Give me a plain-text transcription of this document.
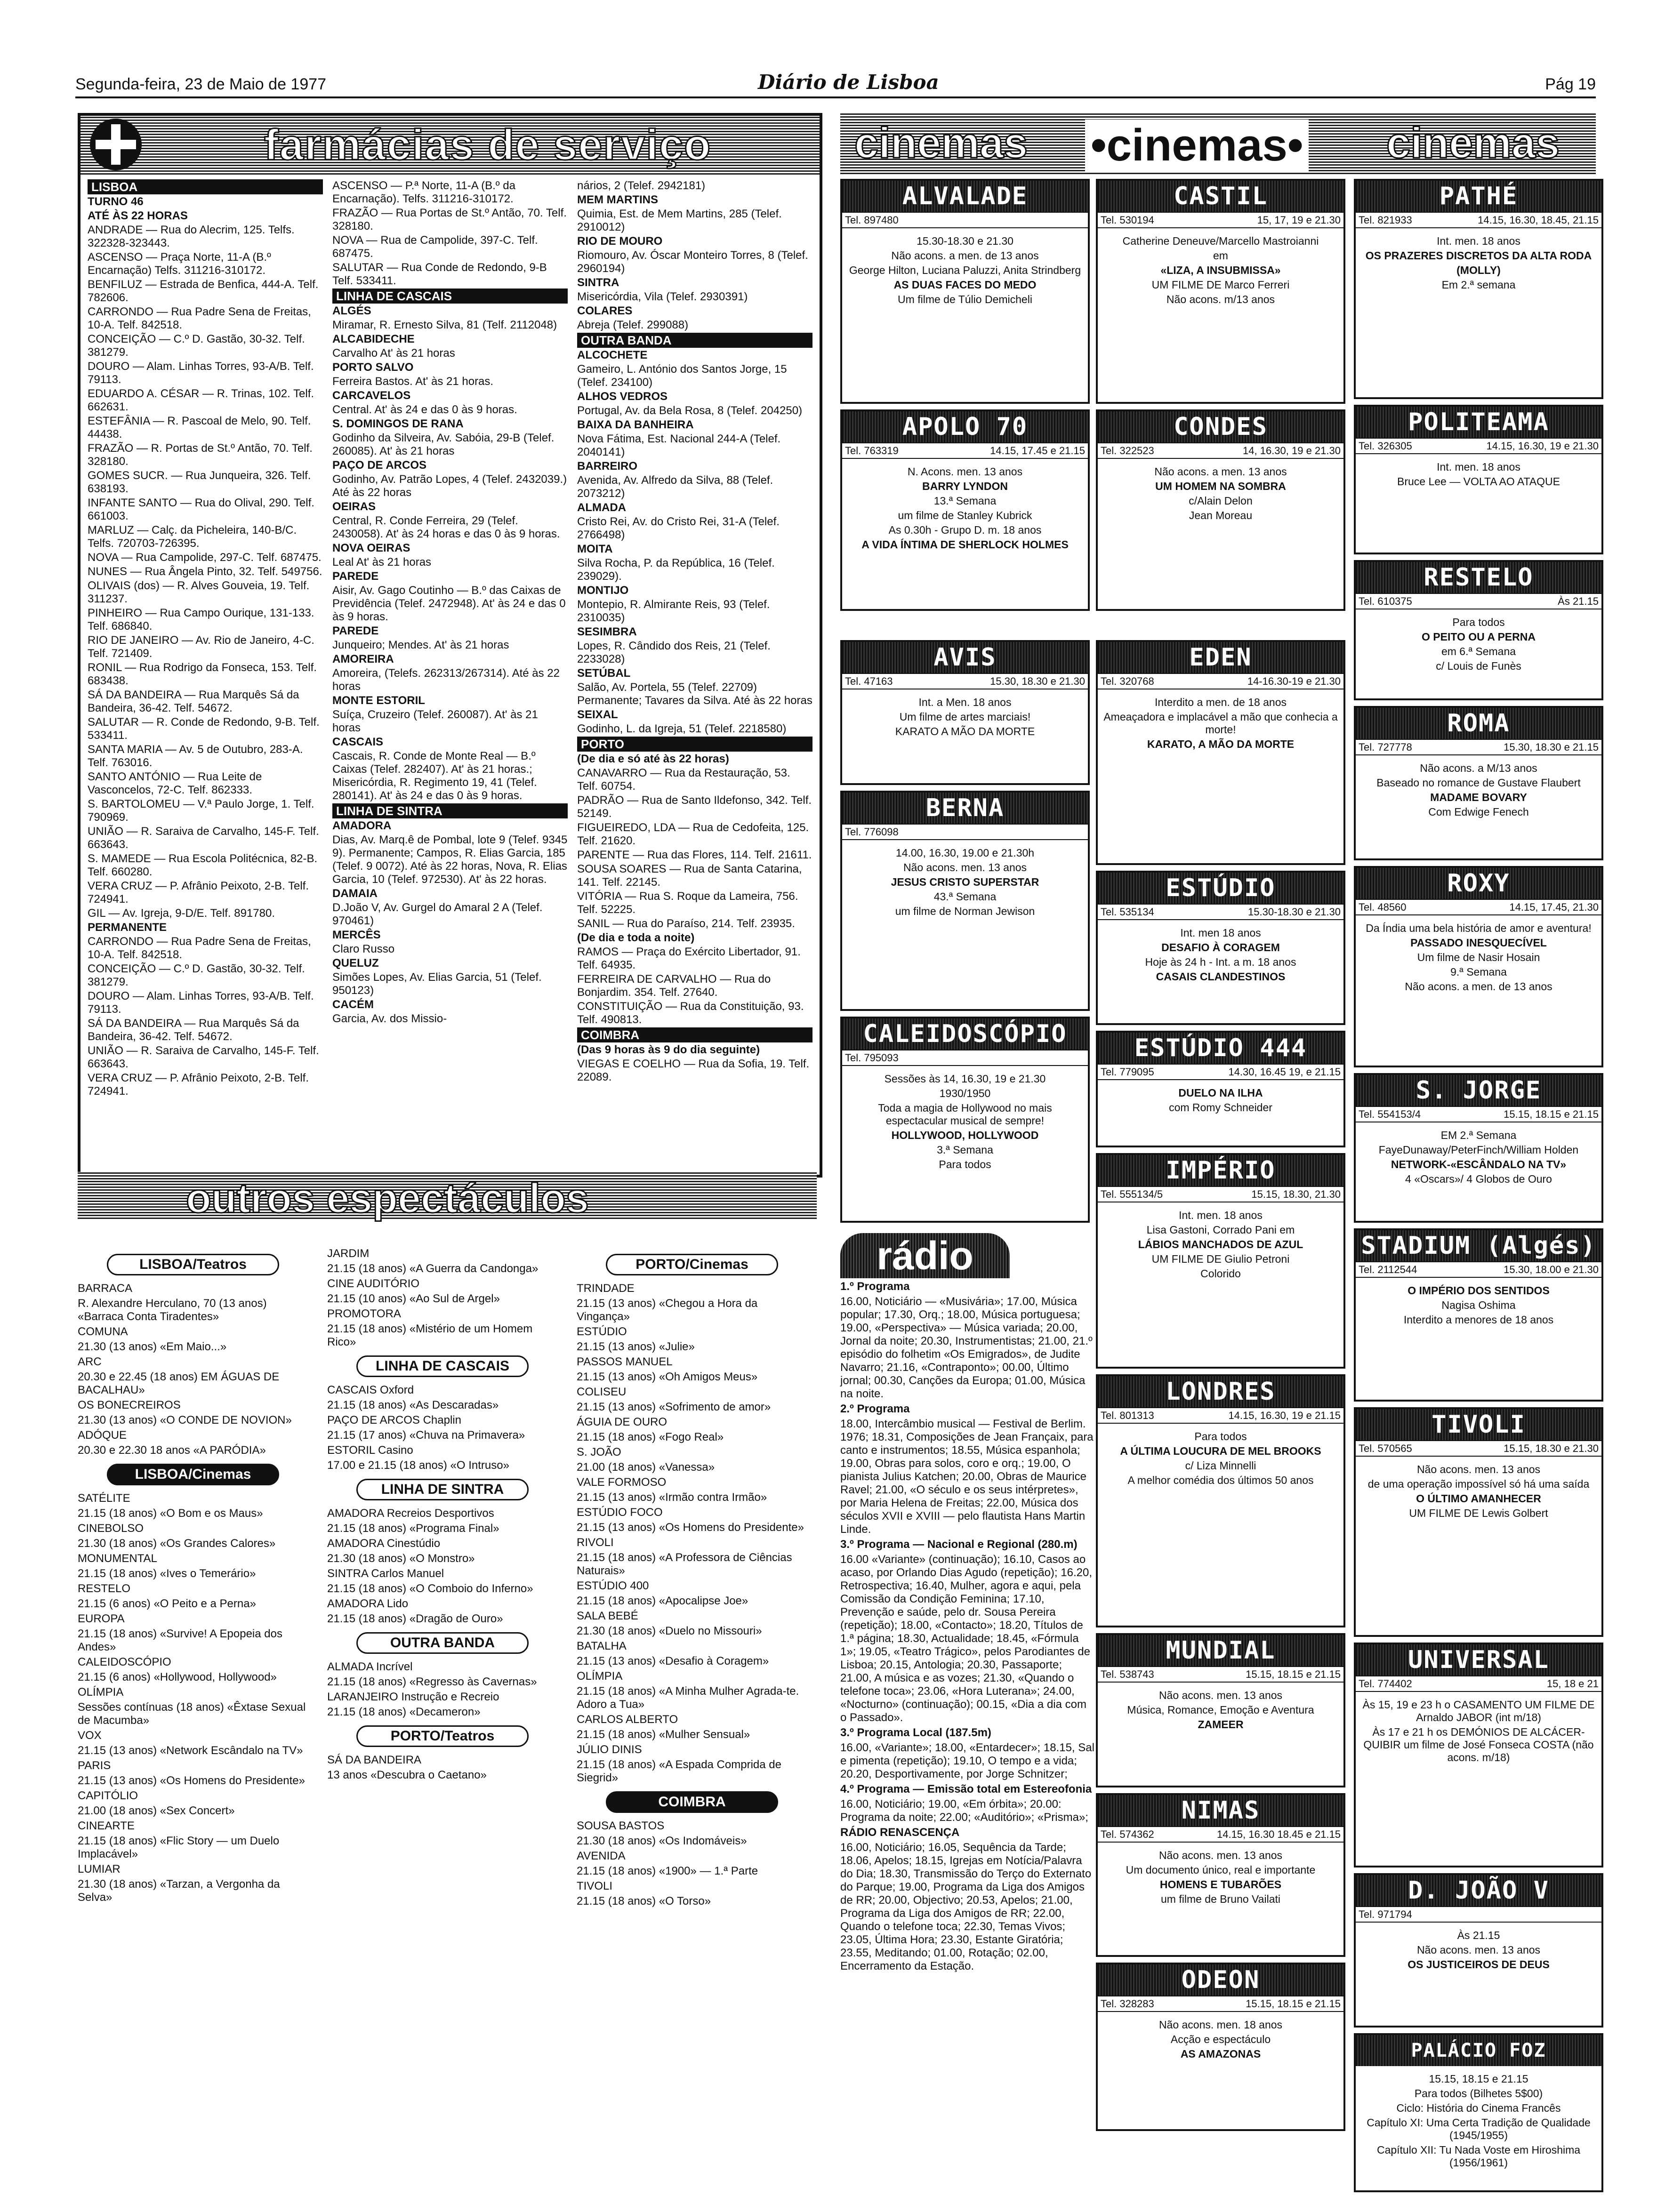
Segunda-feira, 23 de Maio de 1977	Diário de Lisboa	Pág 19
farmácias de serviço

LISBOA

TURNO 46

ATÉ ÀS 22 HORAS

ANDRADE — Rua do Alecrim, 125. Telfs. 322328-323443.

ASCENSO — Praça Norte, 11-A (B.º Encarnação) Telfs. 311216-310172.

BENFILUZ — Estrada de Benfica, 444-A. Telf. 782606.

CARRONDO — Rua Padre Sena de Freitas, 10-A. Telf. 842518.

CONCEIÇÃO — C.º D. Gastão, 30-32. Telf. 381279.

DOURO — Alam. Linhas Torres, 93-A/B. Telf. 79113.

EDUARDO A. CÉSAR — R. Trinas, 102. Telf. 662631.

ESTEFÂNIA — R. Pascoal de Melo, 90. Telf. 44438.

FRAZÃO — R. Portas de St.º Antão, 70. Telf. 328180.

GOMES SUCR. — Rua Junqueira, 326. Telf. 638193.

INFANTE SANTO — Rua do Olival, 290. Telf. 661003.

MARLUZ — Calç. da Picheleira, 140-B/C. Telfs. 720703-726395.

NOVA — Rua Campolide, 297-C. Telf. 687475.

NUNES — Rua Ângela Pinto, 32. Telf. 549756.

OLIVAIS (dos) — R. Alves Gouveia, 19. Telf. 311237.

PINHEIRO — Rua Campo Ourique, 131-133. Telf. 686840.

RIO DE JANEIRO — Av. Rio de Janeiro, 4-C. Telf. 721409.

RONIL — Rua Rodrigo da Fonseca, 153. Telf. 683438.

SÁ DA BANDEIRA — Rua Marquês Sá da Bandeira, 36-42. Telf. 54672.

SALUTAR — R. Conde de Redondo, 9-B. Telf. 533411.

SANTA MARIA — Av. 5 de Outubro, 283-A. Telf. 763016.

SANTO ANTÓNIO — Rua Leite de Vasconcelos, 72-C. Telf. 862333.

S. BARTOLOMEU — V.ª Paulo Jorge, 1. Telf. 790969.

UNIÃO — R. Saraiva de Carvalho, 145-F. Telf. 663643.

S. MAMEDE — Rua Escola Politécnica, 82-B. Telf. 660280.

VERA CRUZ — P. Afrânio Peixoto, 2-B. Telf. 724941.

GIL — Av. Igreja, 9-D/E. Telf. 891780.

PERMANENTE

CARRONDO — Rua Padre Sena de Freitas, 10-A. Telf. 842518.

CONCEIÇÃO — C.º D. Gastão, 30-32. Telf. 381279.

DOURO — Alam. Linhas Torres, 93-A/B. Telf. 79113.

SÁ DA BANDEIRA — Rua Marquês Sá da Bandeira, 36-42. Telf. 54672.

UNIÃO — R. Saraiva de Carvalho, 145-F. Telf. 663643.

VERA CRUZ — P. Afrânio Peixoto, 2-B. Telf. 724941.

ASCENSO — P.ª Norte, 11-A (B.º da Encarnação). Telfs. 311216-310172.

FRAZÃO — Rua Portas de St.º Antão, 70. Telf. 328180.

NOVA — Rua de Campolide, 397-C. Telf. 687475.

SALUTAR — Rua Conde de Redondo, 9-B Telf. 533411.

LINHA DE CASCAIS

ALGÉS

Miramar, R. Ernesto Silva, 81 (Telf. 2112048)

ALCABIDECHE

Carvalho At' às 21 horas

PORTO SALVO

Ferreira Bastos. At' às 21 horas.

CARCAVELOS

Central. At' às 24 e das 0 às 9 horas.

S. DOMINGOS DE RANA

Godinho da Silveira, Av. Sabóia, 29-B (Telef. 260085). At' às 21 horas

PAÇO DE ARCOS

Godinho, Av. Patrão Lopes, 4 (Telef. 2432039.) Até às 22 horas

OEIRAS

Central, R. Conde Ferreira, 29 (Telef. 2430058). At' às 24 horas e das 0 às 9 horas.

NOVA OEIRAS

Leal At' às 21 horas

PAREDE

Aisir, Av. Gago Coutinho — B.º das Caixas de Previdência (Telef. 2472948). At' às 24 e das 0 às 9 horas.

PAREDE

Junqueiro; Mendes. At' às 21 horas

AMOREIRA

Amoreira, (Telefs. 262313/267314). Até às 22 horas

MONTE ESTORIL

Suíça, Cruzeiro (Telef. 260087). At' às 21 horas

CASCAIS

Cascais, R. Conde de Monte Real — B.º Caixas (Telef. 282407). At' às 21 horas.; Misericórdia, R. Regimento 19, 41 (Telef. 280141). At' às 24 e das 0 às 9 horas.

LINHA DE SINTRA

AMADORA

Dias, Av. Marq.ê de Pombal, lote 9 (Telef. 9345 9). Permanente; Campos, R. Elias Garcia, 185 (Telef. 9 0072). Até às 22 horas, Nova, R. Elias Garcia, 10 (Telef. 972530). At' às 22 horas.

DAMAIA

D.João V, Av. Gurgel do Amaral 2 A (Telef. 970461)

MERCÊS

Claro Russo

QUELUZ

Simões Lopes, Av. Elias Garcia, 51 (Telef. 950123)

CACÉM

Garcia, Av. dos Missio-

nários, 2 (Telef. 2942181)

MEM MARTINS

Quimia, Est. de Mem Martins, 285 (Telef. 2910012)

RIO DE MOURO

Riomouro, Av. Óscar Monteiro Torres, 8 (Telef. 2960194)

SINTRA

Misericórdia, Vila (Telef. 2930391)

COLARES

Abreja (Telef. 299088)

OUTRA BANDA

ALCOCHETE

Gameiro, L. António dos Santos Jorge, 15 (Telef. 234100)

ALHOS VEDROS

Portugal, Av. da Bela Rosa, 8 (Telef. 204250)

BAIXA DA BANHEIRA

Nova Fátima, Est. Nacional 244-A (Telef. 2040141)

BARREIRO

Avenida, Av. Alfredo da Silva, 88 (Telef. 2073212)

ALMADA

Cristo Rei, Av. do Cristo Rei, 31-A (Telef. 2766498)

MOITA

Silva Rocha, P. da República, 16 (Telef. 239029).

MONTIJO

Montepio, R. Almirante Reis, 93 (Telef. 2310035)

SESIMBRA

Lopes, R. Cândido dos Reis, 21 (Telef. 2233028)

SETÚBAL

Salão, Av. Portela, 55 (Telef. 22709) Permanente; Tavares da Silva. Até às 22 horas

SEIXAL

Godinho, L. da Igreja, 51 (Telef. 2218580)

PORTO

(De dia e só até às 22 horas)

CANAVARRO — Rua da Restauração, 53. Telf. 60754.

PADRÃO — Rua de Santo Ildefonso, 342. Telf. 52149.

FIGUEIREDO, LDA — Rua de Cedofeita, 125. Telf. 21620.

PARENTE — Rua das Flores, 114. Telf. 21611.

SOUSA SOARES — Rua de Santa Catarina, 141. Telf. 22145.

VITÓRIA — Rua S. Roque da Lameira, 756. Telf. 52225.

SANIL — Rua do Paraíso, 214. Telf. 23935.

(De dia e toda a noite)

RAMOS — Praça do Exército Libertador, 91. Telf. 64935.

FERREIRA DE CARVALHO — Rua do Bonjardim. 354. Telf. 27640.

CONSTITUIÇÃO — Rua da Constituição, 93. Telf. 490813.

COIMBRA

(Das 9 horas às 9 do dia seguinte)

VIEGAS E COELHO — Rua da Sofia, 19. Telf. 22089.

outros espectáculos
LISBOA/Teatros

BARRACA

R. Alexandre Herculano, 70 (13 anos) «Barraca Conta Tiradentes»

COMUNA

21.30 (13 anos) «Em Maio...»

ARC

20.30 e 22.45 (18 anos) EM ÁGUAS DE BACALHAU»

OS BONECREIROS

21.30 (13 anos) «O CONDE DE NOVION»

ADÓQUE

20.30 e 22.30 18 anos «A PARÓDIA»

LISBOA/Cinemas

SATÉLITE

21.15 (18 anos) «O Bom e os Maus»

CINEBOLSO

21.30 (18 anos) «Os Grandes Calores»

MONUMENTAL

21.15 (18 anos) «Ives o Temerário»

RESTELO

21.15 (6 anos) «O Peito e a Perna»

EUROPA

21.15 (18 anos) «Survive! A Epopeia dos Andes»

CALEIDOSCÓPIO

21.15 (6 anos) «Hollywood, Hollywood»

OLÍMPIA

Sessões contínuas (18 anos) «Êxtase Sexual de Macumba»

VOX

21.15 (13 anos) «Network Escândalo na TV»

PARIS

21.15 (13 anos) «Os Homens do Presidente»

CAPITÓLIO

21.00 (18 anos) «Sex Concert»

CINEARTE

21.15 (18 anos) «Flic Story — um Duelo Implacável»

LUMIAR

21.30 (18 anos) «Tarzan, a Vergonha da Selva»

JARDIM

21.15 (18 anos) «A Guerra da Candonga»

CINE AUDITÓRIO

21.15 (10 anos) «Ao Sul de Argel»

PROMOTORA

21.15 (18 anos) «Mistério de um Homem Rico»

LINHA DE CASCAIS

CASCAIS Oxford

21.15 (18 anos) «As Descaradas»

PAÇO DE ARCOS Chaplin

21.15 (17 anos) «Chuva na Primavera»

ESTORIL Casino

17.00 e 21.15 (18 anos) «O Intruso»

LINHA DE SINTRA

AMADORA Recreios Desportivos

21.15 (18 anos) «Programa Final»

AMADORA Cinestúdio

21.30 (18 anos) «O Monstro»

SINTRA Carlos Manuel

21.15 (18 anos) «O Comboio do Inferno»

AMADORA Lido

21.15 (18 anos) «Dragão de Ouro»

OUTRA BANDA

ALMADA Incrível

21.15 (18 anos) «Regresso às Cavernas»

LARANJEIRO Instrução e Recreio

21.15 (18 anos) «Decameron»

PORTO/Teatros

SÁ DA BANDEIRA

13 anos «Descubra o Caetano»

PORTO/Cinemas

TRINDADE

21.15 (13 anos) «Chegou a Hora da Vingança»

ESTÚDIO

21.15 (13 anos) «Julie»

PASSOS MANUEL

21.15 (13 anos) «Oh Amigos Meus»

COLISEU

21.15 (13 anos) «Sofrimento de amor»

ÁGUIA DE OURO

21.15 (18 anos) «Fogo Real»

S. JOÃO

21.00 (18 anos) «Vanessa»

VALE FORMOSO

21.15 (13 anos) «Irmão contra Irmão»

ESTÚDIO FOCO

21.15 (13 anos) «Os Homens do Presidente»

RIVOLI

21.15 (18 anos) «A Professora de Ciências Naturais»

ESTÚDIO 400

21.15 (18 anos) «Apocalipse Joe»

SALA BEBÉ

21.30 (18 anos) «Duelo no Missouri»

BATALHA

21.15 (13 anos) «Desafio à Coragem»

OLÍMPIA

21.15 (18 anos) «A Minha Mulher Agrada-te. Adoro a Tua»

CARLOS ALBERTO

21.15 (18 anos) «Mulher Sensual»

JÚLIO DINIS

21.15 (18 anos) «A Espada Comprida de Siegrid»

COIMBRA

SOUSA BASTOS

21.30 (18 anos) «Os Indomáveis»

AVENIDA

21.15 (18 anos) «1900» — 1.ª Parte

TIVOLI

21.15 (18 anos) «O Torso»

cinemas •cinemas• cinemas
ALVALADE
Tel. 897480

15.30-18.30 e 21.30

Não acons. a men. de 13 anos

George Hilton, Luciana Paluzzi, Anita Strindberg

AS DUAS FACES DO MEDO

Um filme de Túlio Demicheli

APOLO 70
Tel. 763319	14.15, 17.45 e 21.15

N. Acons. men. 13 anos

BARRY LYNDON

13.ª Semana

um filme de Stanley Kubrick

As 0.30h - Grupo D. m. 18 anos

A VIDA ÍNTIMA DE SHERLOCK HOLMES

AVIS
Tel. 47163	15.30, 18.30 e 21.30

Int. a Men. 18 anos

Um filme de artes marciais!

KARATO A MÃO DA MORTE

BERNA
Tel. 776098

14.00, 16.30, 19.00 e 21.30h

Não acons. men. 13 anos

JESUS CRISTO SUPERSTAR

43.ª Semana

um filme de Norman Jewison

CALEIDOSCÓPIO
Tel. 795093

Sessões às 14, 16.30, 19 e 21.30

1930/1950

Toda a magia de Hollywood no mais espectacular musical de sempre!

HOLLYWOOD, HOLLYWOOD

3.ª Semana

Para todos

CASTIL
Tel. 530194	15, 17, 19 e 21.30

Catherine Deneuve/Marcello Mastroianni

em

«LIZA, A INSUBMISSA»

UM FILME DE Marco Ferreri

Não acons. m/13 anos

CONDES
Tel. 322523	14, 16.30, 19 e 21.30

Não acons. a men. 13 anos

UM HOMEM NA SOMBRA

c/Alain Delon

Jean Moreau

EDEN
Tel. 320768	14-16.30-19 e 21.30

Interdito a men. de 18 anos

Ameaçadora e implacável a mão que conhecia a morte!

KARATO, A MÃO DA MORTE

ESTÚDIO
Tel. 535134	15.30-18.30 e 21.30

Int. men 18 anos

DESAFIO À CORAGEM

Hoje às 24 h - Int. a m. 18 anos

CASAIS CLANDESTINOS

ESTÚDIO 444
Tel. 779095	14.30, 16.45 19, e 21.15

DUELO NA ILHA

com Romy Schneider

IMPÉRIO
Tel. 555134/5	15.15, 18.30, 21.30

Int. men. 18 anos

Lisa Gastoni, Corrado Pani em

LÁBIOS MANCHADOS DE AZUL

UM FILME DE Giulio Petroni

Colorido

LONDRES
Tel. 801313	14.15, 16.30, 19 e 21.15

Para todos

A ÚLTIMA LOUCURA DE MEL BROOKS

c/ Liza Minnelli

A melhor comédia dos últimos 50 anos

MUNDIAL
Tel. 538743	15.15, 18.15 e 21.15

Não acons. men. 13 anos

Música, Romance, Emoção e Aventura

ZAMEER

NIMAS
Tel. 574362	14.15, 16.30 18.45 e 21.15

Não acons. men. 13 anos

Um documento único, real e importante

HOMENS E TUBARÕES

um filme de Bruno Vailati

ODEON
Tel. 328283	15.15, 18.15 e 21.15

Não acons. men. 18 anos

Acção e espectáculo

AS AMAZONAS

PATHÉ
Tel. 821933	14.15, 16.30, 18.45, 21.15

Int. men. 18 anos

OS PRAZERES DISCRETOS DA ALTA RODA

(MOLLY)

Em 2.ª semana

POLITEAMA
Tel. 326305	14.15, 16.30, 19 e 21.30

Int. men. 18 anos

Bruce Lee — VOLTA AO ATAQUE

RESTELO
Tel. 610375	Às 21.15

Para todos

O PEITO OU A PERNA

em 6.ª Semana

c/ Louis de Funès

ROMA
Tel. 727778	15.30, 18.30 e 21.15

Não acons. a M/13 anos

Baseado no romance de Gustave Flaubert

MADAME BOVARY

Com Edwige Fenech

ROXY
Tel. 48560	14.15, 17.45, 21.30

Da Índia uma bela história de amor e aventura!

PASSADO INESQUECÍVEL

Um filme de Nasir Hosain

9.ª Semana

Não acons. a men. de 13 anos

S. JORGE
Tel. 554153/4	15.15, 18.15 e 21.15

EM 2.ª Semana

FayeDunaway/PeterFinch/William Holden

NETWORK-«ESCÂNDALO NA TV»

4 «Oscars»/ 4 Globos de Ouro

STADIUM (Algés)
Tel. 2112544	15.30, 18.00 e 21.30

O IMPÉRIO DOS SENTIDOS

Nagisa Oshima

Interdito a menores de 18 anos

TIVOLI
Tel. 570565	15.15, 18.30 e 21.30

Não acons. men. 13 anos

de uma operação impossível só há uma saída

O ÚLTIMO AMANHECER

UM FILME DE Lewis Golbert

UNIVERSAL
Tel. 774402	15, 18 e 21

Às 15, 19 e 23 h o CASAMENTO UM FILME DE Arnaldo JABOR (int m/18)

Às 17 e 21 h os DEMÓNIOS DE ALCÁCER-QUIBIR um filme de José Fonseca COSTA (não acons. m/18)

D. JOÃO V
Tel. 971794

Às 21.15

Não acons. men. 13 anos

OS JUSTICEIROS DE DEUS

PALÁCIO FOZ

15.15, 18.15 e 21.15

Para todos (Bilhetes 5$00)

Ciclo: História do Cinema Francês

Capítulo XI: Uma Certa Tradição de Qualidade (1945/1955)

Capítulo XII: Tu Nada Voste em Hiroshima (1956/1961)

rádio

1.º Programa

16.00, Noticiário — «Musivária»; 17.00, Música popular; 17.30, Orq.; 18.00, Música portuguesa; 19.00, «Perspectiva» — Música variada; 20.00, Jornal da noite; 20.30, Instrumentistas; 21.00, 21.º episódio do folhetim «Os Emigrados», de Judite Navarro; 21.16, «Contraponto»; 00.00, Último jornal; 00.30, Canções da Europa; 01.00, Música na noite.

2.º Programa

18.00, Intercâmbio musical — Festival de Berlim. 1976; 18.31, Composições de Jean Françaix, para canto e instrumentos; 18.55, Música espanhola; 19.00, Obras para solos, coro e orq.; 19.00, O pianista Julius Katchen; 20.00, Obras de Maurice Ravel; 21.00, «O século e os seus intérpretes», por Maria Helena de Freitas; 22.00, Música dos séculos XVII e XVIII — pelo flautista Hans Martin Linde.

3.º Programa — Nacional e Regional (280.m)

16.00 «Variante» (continuação); 16.10, Casos ao acaso, por Orlando Dias Agudo (repetição); 16.20, Retrospectiva; 16.40, Mulher, agora e aqui, pela Comissão da Condição Feminina; 17.10, Prevenção e saúde, pelo dr. Sousa Pereira (repetição); 18.00, «Contacto»; 18.20, Títulos de 1.ª página; 18.30, Actualidade; 18.45, «Fórmula 1»; 19.05, «Teatro Trágico», pelos Parodiantes de Lisboa; 20.15, Antologia; 20.30, Passaporte; 21.00, A música e as vozes; 21.30, «Quando o telefone toca»; 23.06, «Hora Luterana»; 24.00, «Nocturno» (continuação); 00.15, «Dia a dia com o Passado».

3.º Programa Local (187.5m)

16.00, «Variante»; 18.00, «Entardecer»; 18.15, Sal e pimenta (repetição); 19.10, O tempo e a vida; 20.20, Desportivamente, por Jorge Schnitzer;

4.º Programa — Emissão total em Estereofonia

16.00, Noticiário; 19.00, «Em órbita»; 20.00: Programa da noite; 22.00; «Auditório»; «Prisma»;

RÁDIO RENASCENÇA

16.00, Noticiário; 16.05, Sequência da Tarde; 18.06, Apelos; 18.15, Igrejas em Notícia/Palavra do Dia; 18.30, Transmissão do Terço do Externato do Parque; 19.00, Programa da Liga dos Amigos de RR; 20.00, Objectivo; 20.53, Apelos; 21.00, Programa da Liga dos Amigos de RR; 22.00, Quando o telefone toca; 22.30, Temas Vivos; 23.05, Última Hora; 23.30, Estante Giratória; 23.55, Meditando; 01.00, Rotação; 02.00, Encerramento da Estação.
